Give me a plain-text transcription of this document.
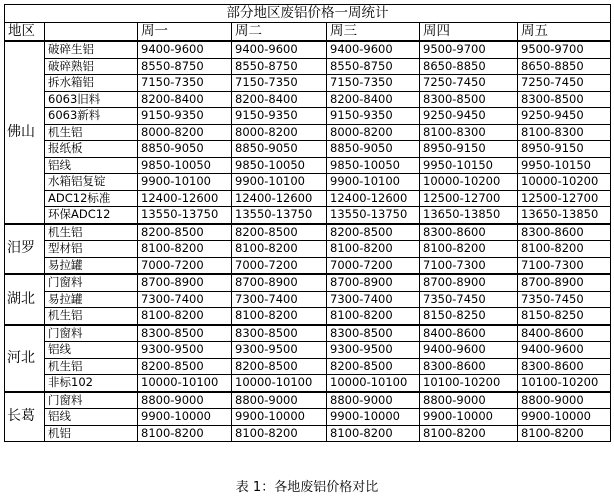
部分地区废铝价格一周统计						
地区		周一	周二	周三	周四	周五
佛山	破碎生铝	9400-9600	9400-9600	9400-9600	9500-9700	9500-9700
	破碎熟铝	8550-8750	8550-8750	8550-8750	8650-8850	8650-8850
	拆水箱铝	7150-7350	7150-7350	7150-7350	7250-7450	7250-7450
	6063旧料	8200-8400	8200-8400	8200-8400	8300-8500	8300-8500
	6063新料	9150-9350	9150-9350	9150-9350	9250-9450	9250-9450
	机生铝	8000-8200	8000-8200	8000-8200	8100-8300	8100-8300
	报纸板	8850-9050	8850-9050	8850-9050	8950-9150	8950-9150
	铝线	9850-10050	9850-10050	9850-10050	9950-10150	9950-10150
	水箱铝复锭	9900-10100	9900-10100	9900-10100	10000-10200	10000-10200
	ADC12标准	12400-12600	12400-12600	12400-12600	12500-12700	12500-12700
	环保ADC12	13550-13750	13550-13750	13550-13750	13650-13850	13650-13850
汨罗	机生铝	8200-8500	8200-8500	8200-8500	8300-8600	8300-8600
	型材铝	8100-8200	8100-8200	8100-8200	8100-8200	8100-8200
	易拉罐	7000-7200	7000-7200	7000-7200	7100-7300	7100-7300
湖北	门窗料	8700-8900	8700-8900	8700-8900	8700-8900	8700-8900
	易拉罐	7300-7400	7300-7400	7300-7400	7350-7450	7350-7450
	机生铝	8100-8200	8100-8200	8100-8200	8150-8250	8150-8250
河北	门窗料	8300-8500	8300-8500	8300-8500	8400-8600	8400-8600
	铝线	9300-9500	9300-9500	9300-9500	9400-9600	9400-9600
	机生铝	8200-8500	8200-8500	8200-8500	8300-8600	8300-8600
	非标102	10000-10100	10000-10100	10000-10100	10100-10200	10100-10200
长葛	门窗料	8800-9000	8800-9000	8800-9000	8800-9000	8800-9000
	铝线	9900-10000	9900-10000	9900-10000	9900-10000	9900-10000
	机铝	8100-8200	8100-8200	8100-8200	8100-8200	8100-8200
表 1：各地废铝价格对比
